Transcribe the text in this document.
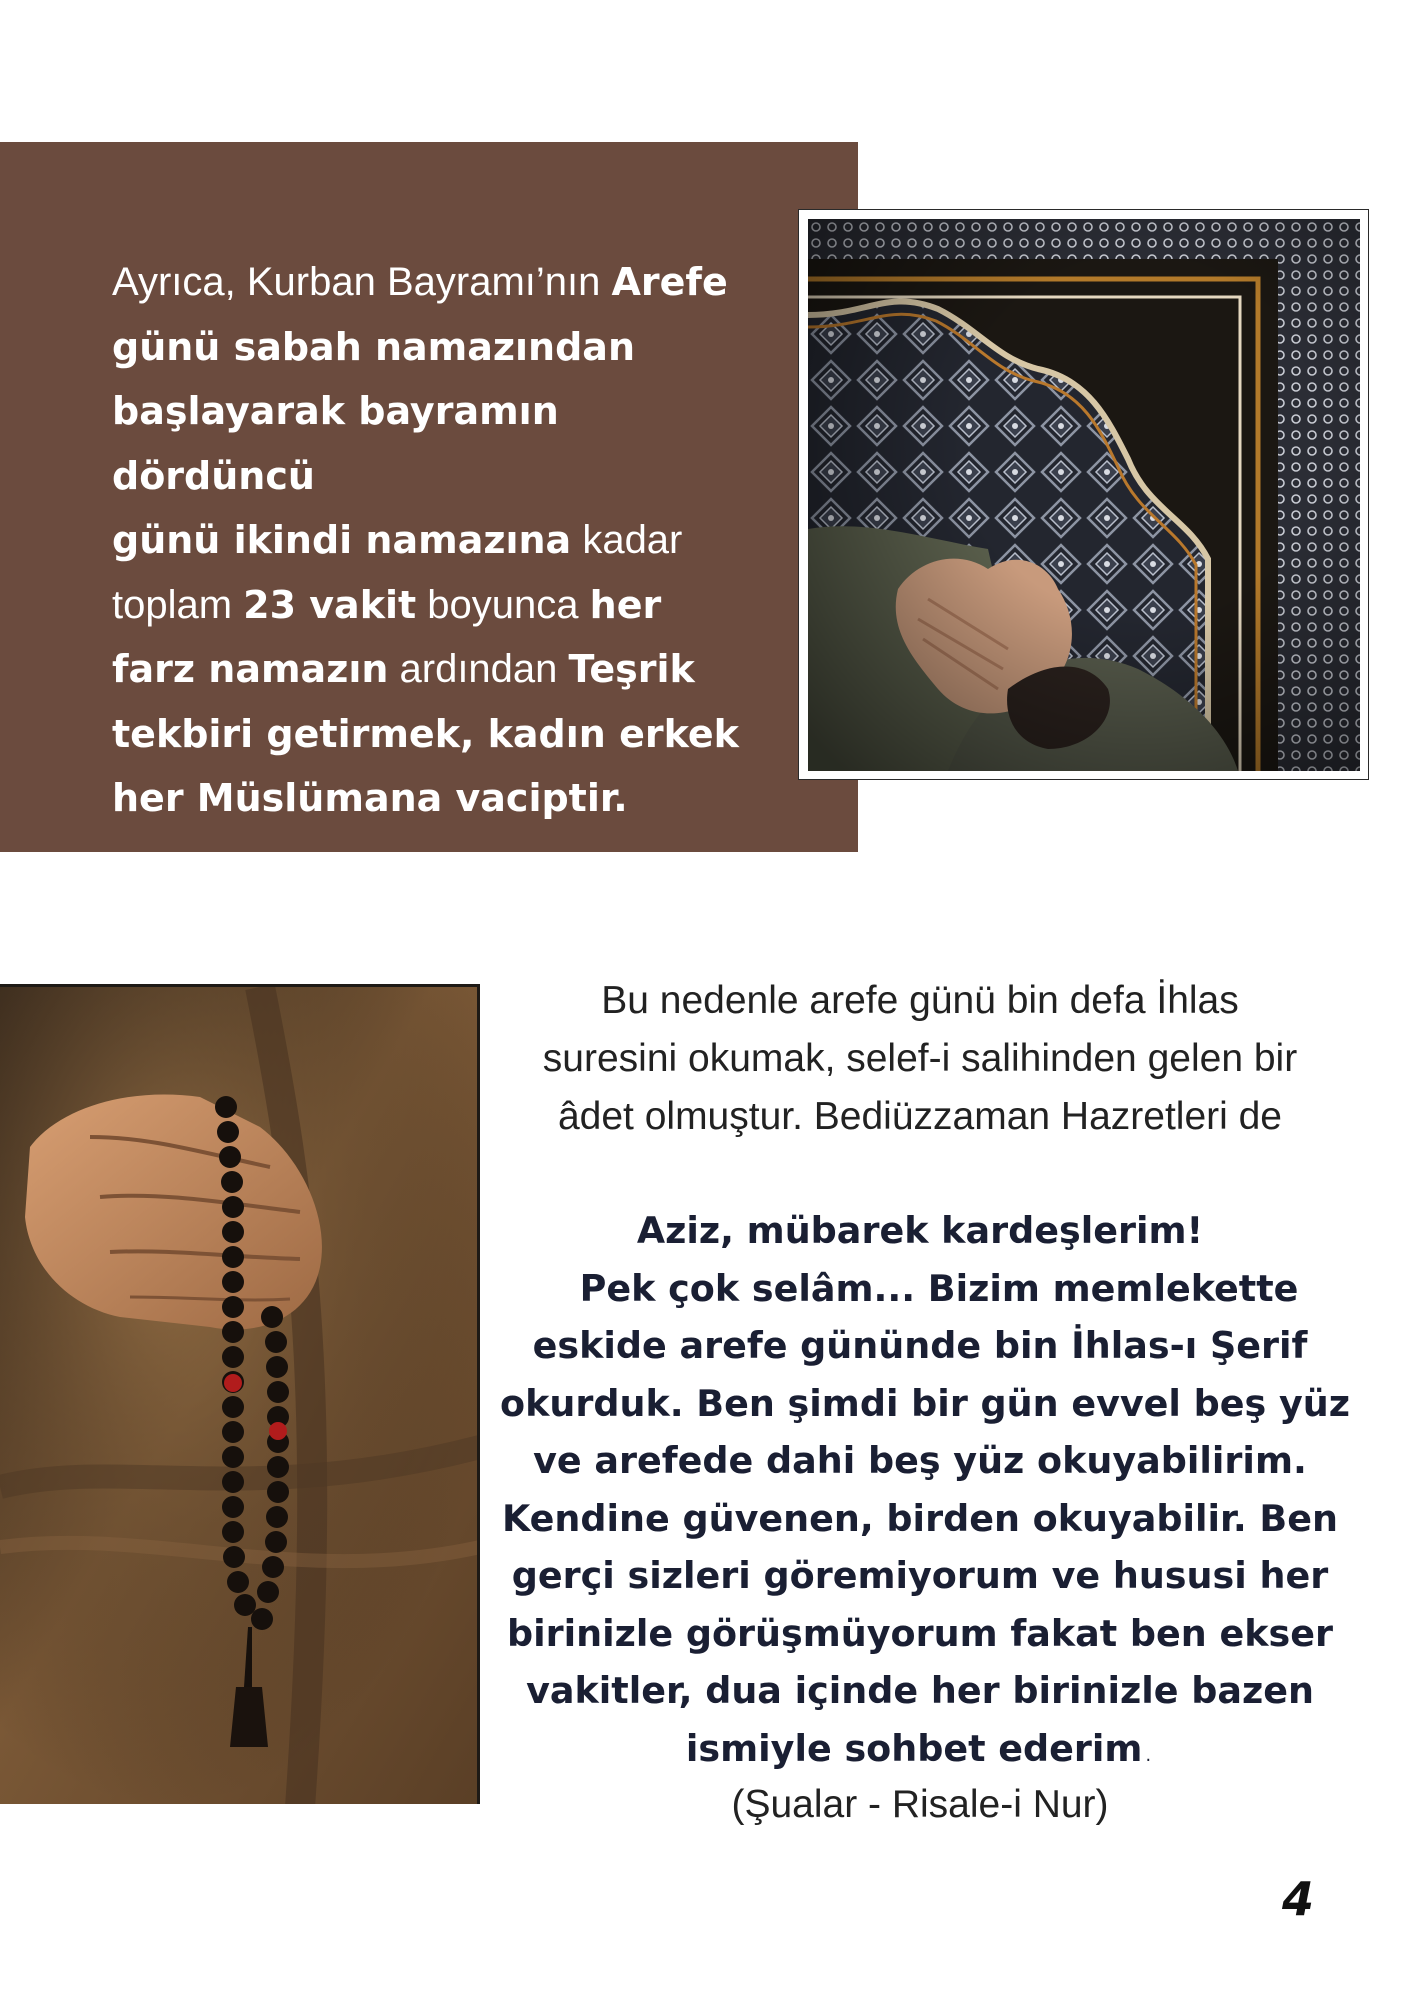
Ayrıca, Kurban Bayramı’nın Arefe
günü sabah namazından
başlayarak bayramın dördüncü
günü ikindi namazına kadar
toplam 23 vakit boyunca her
farz namazın ardından Teşrik
tekbiri getirmek, kadın erkek
her Müslümana vaciptir.
Bu nedenle arefe günü bin defa İhlas
suresini okumak, selef-i salihinden gelen bir
âdet olmuştur. Bediüzzaman Hazretleri de
Aziz, mübarek kardeşlerim!
Pek çok selâm... Bizim memlekette
eskide arefe gününde bin İhlas-ı Şerif
okurduk. Ben şimdi bir gün evvel beş yüz
ve arefede dahi beş yüz okuyabilirim.
Kendine güvenen, birden okuyabilir. Ben
gerçi sizleri göremiyorum ve hususi her
birinizle görüşmüyorum fakat ben ekser
vakitler, dua içinde her birinizle bazen
ismiyle sohbet ederim.
(Şualar - Risale-i Nur)
4
